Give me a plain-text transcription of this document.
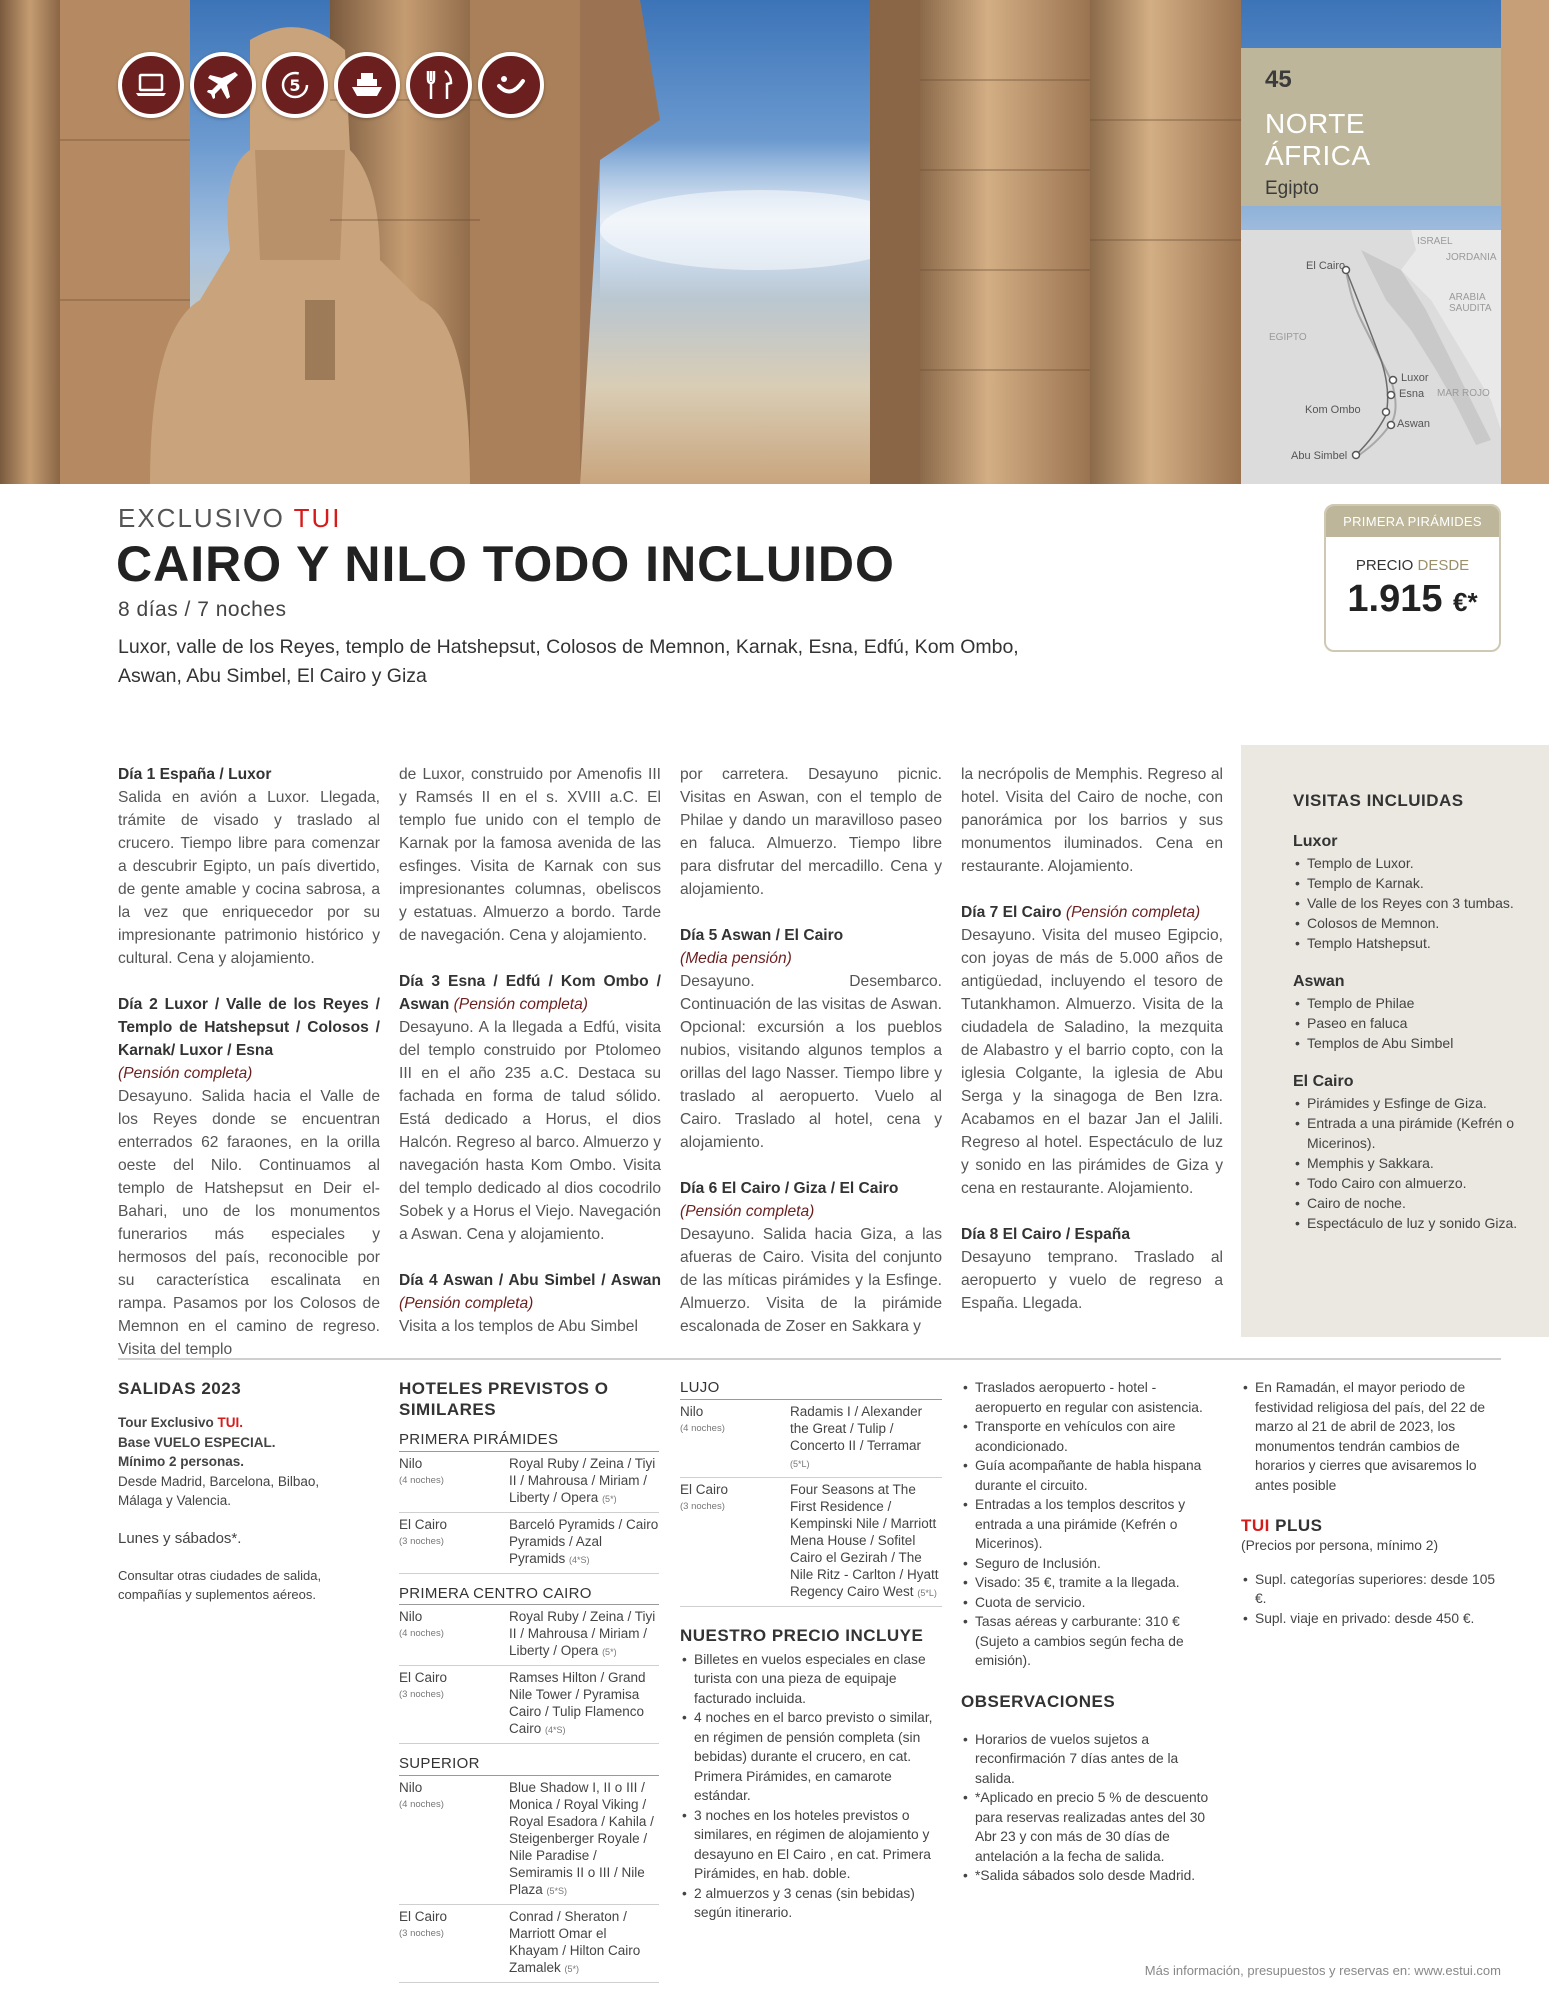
5	45
NORTE ÁFRICA
Egipto
El Cairo
ISRAEL
JORDANIA
ARABIA SAUDITA
EGIPTO
Luxor
Esna MAR ROJO
Kom Ombo
Aswan
Abu Simbel
EXCLUSIVO TUI
CAIRO Y NILO TODO INCLUIDO
8 días / 7 noches
Luxor, valle de los Reyes, templo de Hatshepsut, Colosos de Memnon, Karnak, Esna, Edfú, Kom Ombo, Aswan, Abu Simbel, El Cairo y Giza
PRIMERA PIRÁMIDES
PRECIO DESDE
1.915 €*

Día 1 España / Luxor
Salida en avión a Luxor. Llegada, trámite de visado y traslado al crucero. Tiempo libre para comenzar a descubrir Egipto, un país divertido, de gente amable y cocina sabrosa, a la vez que enriquecedor por su impresionante patrimonio histórico y cultural. Cena y alojamiento.

Día 2 Luxor / Valle de los Reyes / Templo de Hatshepsut / Colosos / Karnak/ Luxor / Esna
(Pensión completa)
Desayuno. Salida hacia el Valle de los Reyes donde se encuentran enterrados 62 faraones, en la orilla oeste del Nilo. Continuamos al templo de Hatshepsut en Deir el-Bahari, uno de los monumentos funerarios más especiales y hermosos del país, reconocible por su característica escalinata en rampa. Pasamos por los Colosos de Memnon en el camino de regreso. Visita del templo

de Luxor, construido por Amenofis III y Ramsés II en el s. XVIII a.C. El templo fue unido con el templo de Karnak por la famosa avenida de las esfinges. Visita de Karnak con sus impresionantes columnas, obeliscos y estatuas. Almuerzo a bordo. Tarde de navegación. Cena y alojamiento.

Día 3 Esna / Edfú / Kom Ombo / Aswan (Pensión completa)
Desayuno. A la llegada a Edfú, visita del templo construido por Ptolomeo III en el año 235 a.C. Destaca su fachada en forma de talud sólido. Está dedicado a Horus, el dios Halcón. Regreso al barco. Almuerzo y navegación hasta Kom Ombo. Visita del templo dedicado al dios cocodrilo Sobek y a Horus el Viejo. Navegación a Aswan. Cena y alojamiento.

Día 4 Aswan / Abu Simbel / Aswan (Pensión completa)
Visita a los templos de Abu Simbel

por carretera. Desayuno picnic. Visitas en Aswan, con el templo de Philae y dando un maravilloso paseo en faluca. Almuerzo. Tiempo libre para disfrutar del mercadillo. Cena y alojamiento.

Día 5 Aswan / El Cairo
(Media pensión)
Desayuno. Desembarco. Continuación de las visitas de Aswan. Opcional: excursión a los pueblos nubios, visitando algunos templos a orillas del lago Nasser. Tiempo libre y traslado al aeropuerto. Vuelo al Cairo. Traslado al hotel, cena y alojamiento.

Día 6 El Cairo / Giza / El Cairo
(Pensión completa)
Desayuno. Salida hacia Giza, a las afueras de Cairo. Visita del conjunto de las míticas pirámides y la Esfinge. Almuerzo. Visita de la pirámide escalonada de Zoser en Sakkara y

la necrópolis de Memphis. Regreso al hotel. Visita del Cairo de noche, con panorámica por los barrios y sus monumentos iluminados. Cena en restaurante. Alojamiento.

Día 7 El Cairo (Pensión completa)
Desayuno. Visita del museo Egipcio, con joyas de más de 5.000 años de antigüedad, incluyendo el tesoro de Tutankhamon. Almuerzo. Visita de la ciudadela de Saladino, la mezquita de Alabastro y el barrio copto, con la iglesia Colgante, la iglesia de Abu Serga y la sinagoga de Ben Izra. Acabamos en el bazar Jan el Jalili. Regreso al hotel. Espectáculo de luz y sonido en las pirámides de Giza y cena en restaurante. Alojamiento.

Día 8 El Cairo / España
Desayuno temprano. Traslado al aeropuerto y vuelo de regreso a España. Llegada.

VISITAS INCLUIDAS
Luxor
• Templo de Luxor.
• Templo de Karnak.
• Valle de los Reyes con 3 tumbas.
• Colosos de Memnon.
• Templo Hatshepsut.
Aswan
• Templo de Philae
• Paseo en faluca
• Templos de Abu Simbel
El Cairo
• Pirámides y Esfinge de Giza.
• Entrada a una pirámide (Kefrén o Micerinos).
• Memphis y Sakkara.
• Todo Cairo con almuerzo.
• Cairo de noche.
• Espectáculo de luz y sonido Giza.
SALIDAS 2023
Tour Exclusivo TUI.
Base VUELO ESPECIAL.
Mínimo 2 personas.
Desde Madrid, Barcelona, Bilbao, Málaga y Valencia.
Lunes y sábados*.
Consultar otras ciudades de salida, compañías y suplementos aéreos.
HOTELES PREVISTOS O SIMILARES
PRIMERA PIRÁMIDES
Nilo
(4 noches)
Royal Ruby / Zeina / Tiyi II / Mahrousa / Miriam / Liberty / Opera (5*)
El Cairo
(3 noches)
Barceló Pyramids / Cairo Pyramids / Azal Pyramids (4*S)
PRIMERA CENTRO CAIRO
Nilo
(4 noches)
Royal Ruby / Zeina / Tiyi II / Mahrousa / Miriam / Liberty / Opera (5*)
El Cairo
(3 noches)
Ramses Hilton / Grand Nile Tower / Pyramisa Cairo / Tulip Flamenco Cairo (4*S)
SUPERIOR
Nilo
(4 noches)
Blue Shadow I, II o III / Monica / Royal Viking / Royal Esadora / Kahila / Steigenberger Royale / Nile Paradise / Semiramis II o III / Nile Plaza (5*S)
El Cairo
(3 noches)
Conrad / Sheraton / Marriott Omar el Khayam / Hilton Cairo Zamalek (5*)
LUJO
Nilo
(4 noches)
Radamis I / Alexander the Great / Tulip / Concerto II / Terramar (5*L)
El Cairo
(3 noches)
Four Seasons at The First Residence / Kempinski Nile / Marriott Mena House / Sofitel Cairo el Gezirah / The Nile Ritz - Carlton / Hyatt Regency Cairo West (5*L)
NUESTRO PRECIO INCLUYE
• Billetes en vuelos especiales en clase turista con una pieza de equipaje facturado incluida.
• 4 noches en el barco previsto o similar, en régimen de pensión completa (sin bebidas) durante el crucero, en cat. Primera Pirámides, en camarote estándar.
• 3 noches en los hoteles previstos o similares, en régimen de alojamiento y desayuno en El Cairo , en cat. Primera Pirámides, en hab. doble.
• 2 almuerzos y 3 cenas (sin bebidas) según itinerario.
• Traslados aeropuerto - hotel - aeropuerto en regular con asistencia.
• Transporte en vehículos con aire acondicionado.
• Guía acompañante de habla hispana durante el circuito.
• Entradas a los templos descritos y entrada a una pirámide (Kefrén o Micerinos).
• Seguro de Inclusión.
• Visado: 35 €, tramite a la llegada.
• Cuota de servicio.
• Tasas aéreas y carburante: 310 € (Sujeto a cambios según fecha de emisión).
OBSERVACIONES
• Horarios de vuelos sujetos a reconfirmación 7 días antes de la salida.
• *Aplicado en precio 5 % de descuento para reservas realizadas antes del 30 Abr 23 y con más de 30 días de antelación a la fecha de salida.
• *Salida sábados solo desde Madrid.
• En Ramadán, el mayor periodo de festividad religiosa del país, del 22 de marzo al 21 de abril de 2023, los monumentos tendrán cambios de horarios y cierres que avisaremos lo antes posible
TUI PLUS
(Precios por persona, mínimo 2)
• Supl. categorías superiores: desde 105 €.
• Supl. viaje en privado: desde 450 €.
Más información, presupuestos y reservas en: www.estui.com
